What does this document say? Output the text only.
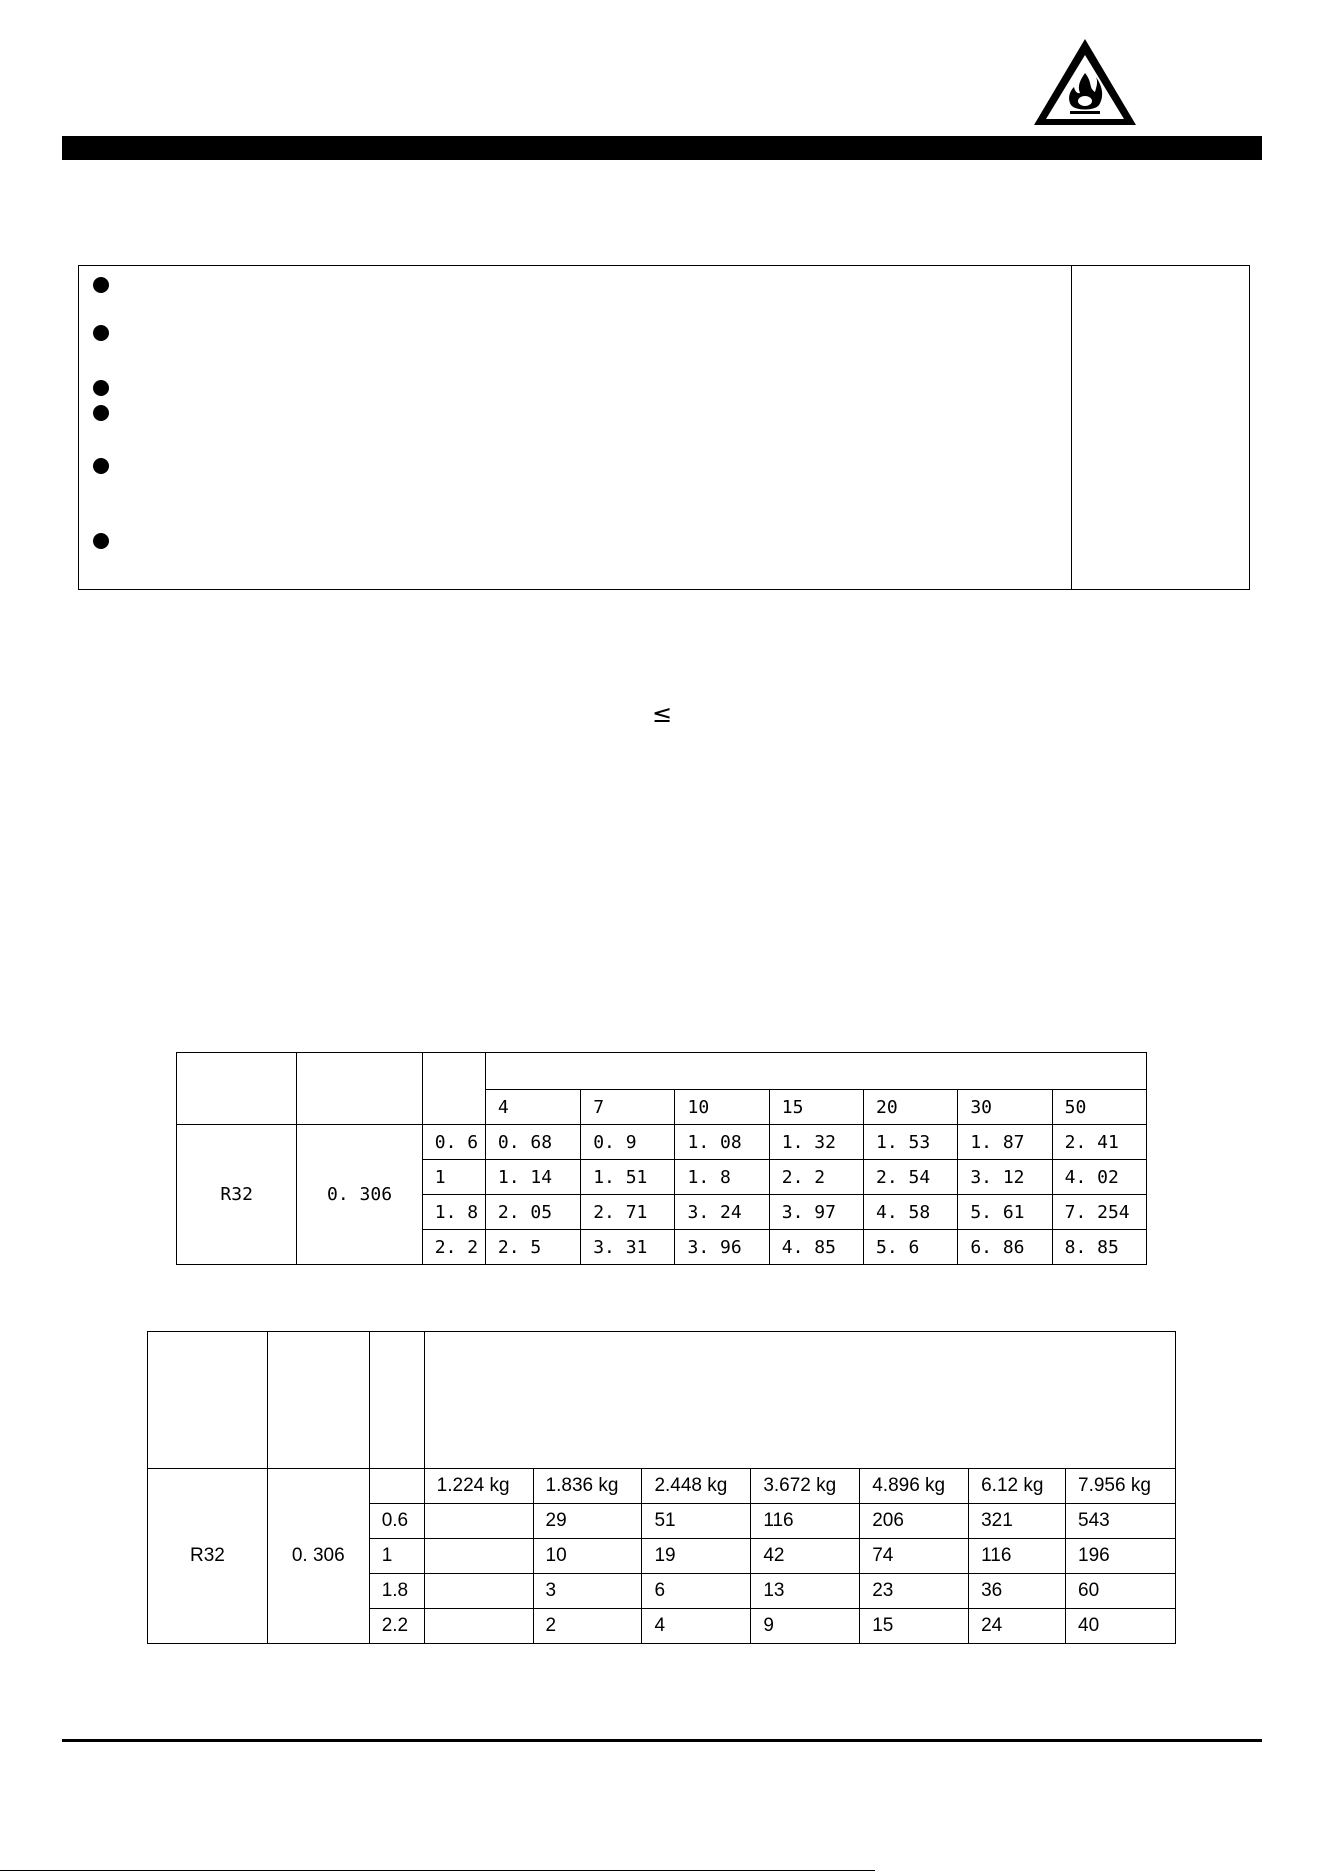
≤

			4	7	10	15	20	30	50
R32	0. 306	0. 6	0. 68	0. 9	1. 08	1. 32	1. 53	1. 87	2. 41
		1	1. 14	1. 51	1. 8	2. 2	2. 54	3. 12	4. 02
		1. 8	2. 05	2. 71	3. 24	3. 97	4. 58	5. 61	7. 254
		2. 2	2. 5	3. 31	3. 96	4. 85	5. 6	6. 86	8. 85

R32	0. 306		1.224 kg	1.836 kg	2.448 kg	3.672 kg	4.896 kg	6.12 kg	7.956 kg
		0.6		29	51	116	206	321	543
		1		10	19	42	74	116	196
		1.8		3	6	13	23	36	60
		2.2		2	4	9	15	24	40
